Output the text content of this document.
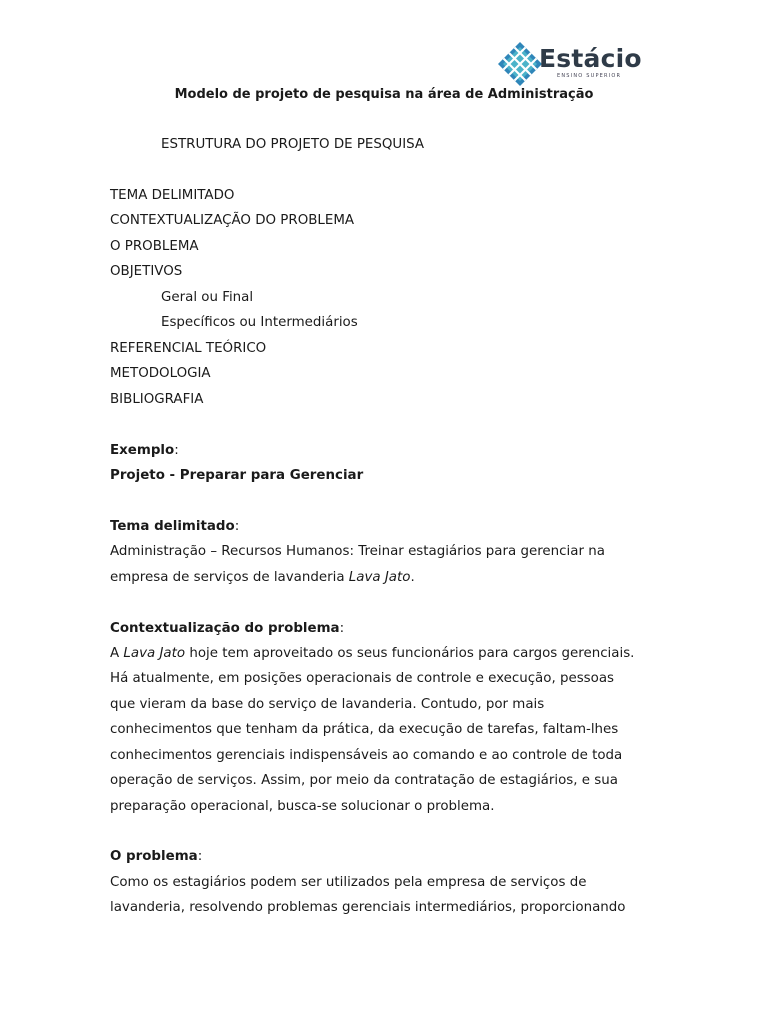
Estácio
ENSINO SUPERIOR
Modelo de projeto de pesquisa na área de Administração
ESTRUTURA DO PROJETO DE PESQUISA
TEMA DELIMITADO
CONTEXTUALIZAÇÃO DO PROBLEMA
O PROBLEMA
OBJETIVOS
Geral ou Final
Específicos ou Intermediários
REFERENCIAL TEÓRICO
METODOLOGIA
BIBLIOGRAFIA
Exemplo:
Projeto - Preparar para Gerenciar
Tema delimitado:
Administração – Recursos Humanos: Treinar estagiários para gerenciar na
empresa de serviços de lavanderia Lava Jato.
Contextualização do problema:
A Lava Jato hoje tem aproveitado os seus funcionários para cargos gerenciais.
Há atualmente, em posições operacionais de controle e execução, pessoas
que vieram da base do serviço de lavanderia. Contudo, por mais
conhecimentos que tenham da prática, da execução de tarefas, faltam-lhes
conhecimentos gerenciais indispensáveis ao comando e ao controle de toda
operação de serviços. Assim, por meio da contratação de estagiários, e sua
preparação operacional, busca-se solucionar o problema.
O problema:
Como os estagiários podem ser utilizados pela empresa de serviços de
lavanderia, resolvendo problemas gerenciais intermediários, proporcionando
